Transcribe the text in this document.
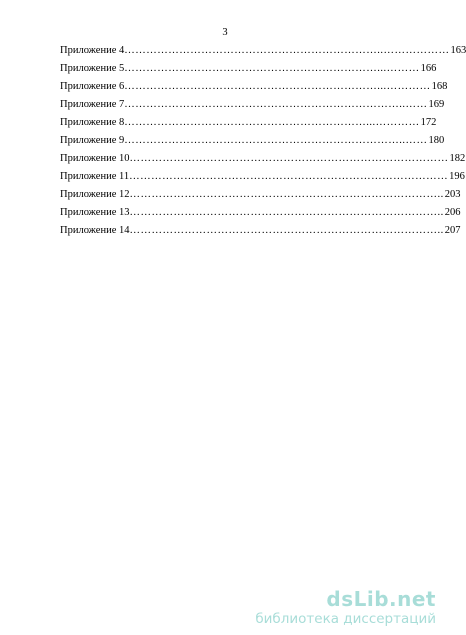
3
Приложение 4 ……………………………………………………………..……………… 163
Приложение 5 ……………………………………………………………...……… 166
Приложение 6 ……………………………………………………………...………… 168
Приложение 7 …………………………………………………………………..…… 169
Приложение 8 …………………………………………………………...………… 172
Приложение 9 …………………………………………………………………..…… 180
Приложение 10 …………………………………………………………………………… 182
Приложение 11 …………………………………………………………………………… 196
Приложение 12 ………………………………………………………………………….. 203
Приложение 13 ………………………………………………………………………….. 206
Приложение 14 ………………………………………………………………………….. 207
dsLib.net
библиотека диссертаций
